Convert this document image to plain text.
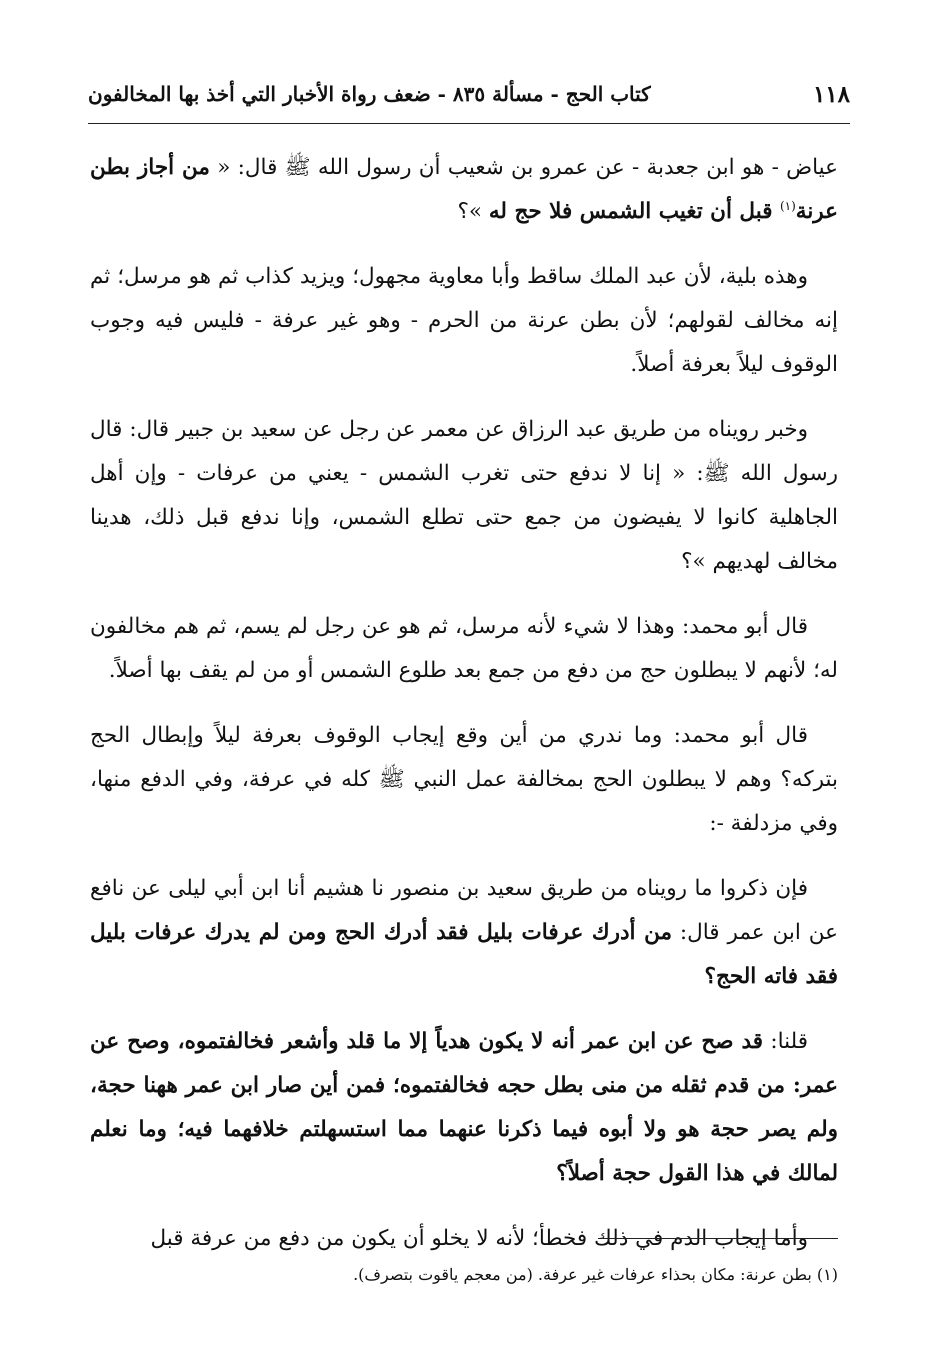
١١٨
كتاب الحج - مسألة ٨٣٥ - ضعف رواة الأخبار التي أخذ بها المخالفون

عياض - هو ابن جعدبة - عن عمرو بن شعيب أن رسول الله ﷺ قال: « من أجاز بطن عرنة$^{(١)}$ قبل أن تغيب الشمس فلا حج له »؟

وهذه بلية، لأن عبد الملك ساقط وأبا معاوية مجهول؛ ويزيد كذاب ثم هو مرسل؛ ثم إنه مخالف لقولهم؛ لأن بطن عرنة من الحرم - وهو غير عرفة - فليس فيه وجوب الوقوف ليلاً بعرفة أصلاً.

وخبر رويناه من طريق عبد الرزاق عن معمر عن رجل عن سعيد بن جبير قال: قال رسول الله ﷺ: « إنا لا ندفع حتى تغرب الشمس - يعني من عرفات - وإن أهل الجاهلية كانوا لا يفيضون من جمع حتى تطلع الشمس، وإنا ندفع قبل ذلك، هدينا مخالف لهديهم »؟

قال أبو محمد: وهذا لا شيء لأنه مرسل، ثم هو عن رجل لم يسم، ثم هم مخالفون له؛ لأنهم لا يبطلون حج من دفع من جمع بعد طلوع الشمس أو من لم يقف بها أصلاً.

قال أبو محمد: وما ندري من أين وقع إيجاب الوقوف بعرفة ليلاً وإبطال الحج بتركه؟ وهم لا يبطلون الحج بمخالفة عمل النبي ﷺ كله في عرفة، وفي الدفع منها، وفي مزدلفة -:

فإن ذكروا ما رويناه من طريق سعيد بن منصور نا هشيم أنا ابن أبي ليلى عن نافع عن ابن عمر قال: من أدرك عرفات بليل فقد أدرك الحج ومن لم يدرك عرفات بليل فقد فاته الحج؟

قلنا: قد صح عن ابن عمر أنه لا يكون هدياً إلا ما قلد وأشعر فخالفتموه، وصح عن عمر: من قدم ثقله من منى بطل حجه فخالفتموه؛ فمن أين صار ابن عمر ههنا حجة، ولم يصر حجة هو ولا أبوه فيما ذكرنا عنهما مما استسهلتم خلافهما فيه؛ وما نعلم لمالك في هذا القول حجة أصلاً؟

وأما إيجاب الدم في ذلك فخطأ؛ لأنه لا يخلو أن يكون من دفع من عرفة قبل

(١) بطن عرنة: مكان بحذاء عرفات غير عرفة. (من معجم ياقوت بتصرف).
